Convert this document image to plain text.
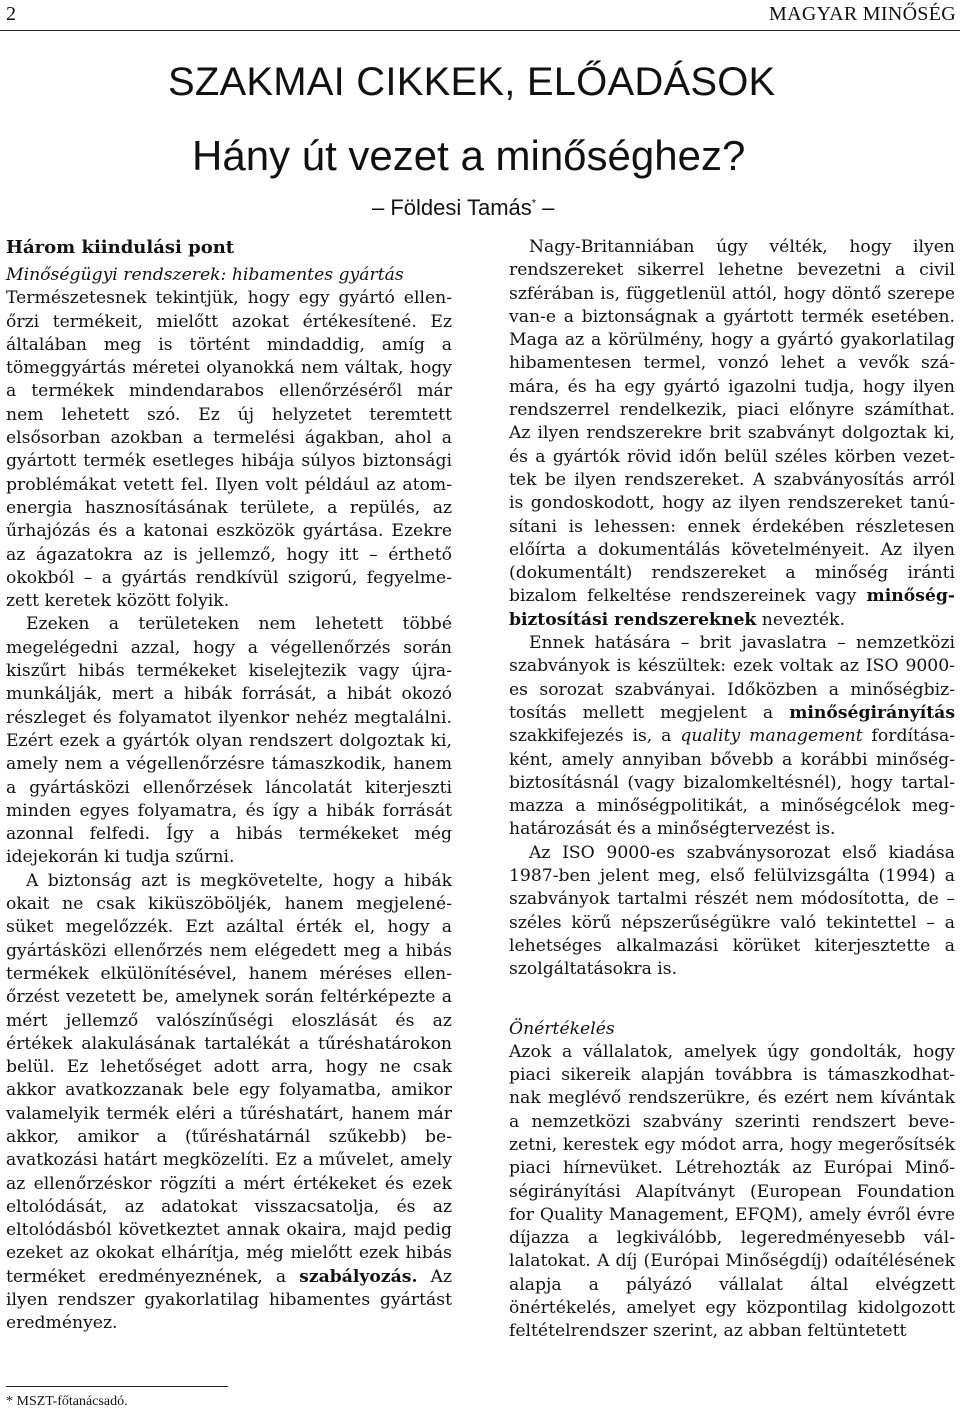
2	MAGYAR MINŐSÉG
SZAKMAI CIKKEK, ELŐADÁSOK
Hány út vezet a minőséghez?
– Földesi Tamás* –
Három kiindulási pont

Minőségügyi rendszerek: hibamentes gyártás

Természetesnek tekintjük, hogy egy gyártó ellenőrzi termékeit, mielőtt azokat értékesítené. Ez általában meg is történt mindaddig, amíg a tömeggyártás méretei olyanokká nem váltak, hogy a termékek mindendarabos ellenőrzéséről már nem lehetett szó. Ez új helyzetet teremtett elsősorban azokban a termelési ágakban, ahol a gyártott termék esetleges hibája súlyos biztonsági problémákat vetett fel. Ilyen volt például az atomenergia hasznosításának területe, a repülés, az űrhajózás és a katonai eszközök gyártása. Ezekre az ágazatokra az is jellemző, hogy itt – érthető okokból – a gyártás rendkívül szigorú, fegyelmezett keretek között folyik.

Ezeken a területeken nem lehetett többé megelégedni azzal, hogy a végellenőrzés során kiszűrt hibás termékeket kiselejtezik vagy újramunkálják, mert a hibák forrását, a hibát okozó részleget és folyamatot ilyenkor nehéz megtalálni. Ezért ezek a gyártók olyan rendszert dolgoztak ki, amely nem a végellenőrzésre támaszkodik, hanem a gyártásközi ellenőrzések láncolatát kiterjeszti minden egyes folyamatra, és így a hibák forrását azonnal felfedi. Így a hibás termékeket még idejekorán ki tudja szűrni.

A biztonság azt is megkövetelte, hogy a hibák okait ne csak kiküszöböljék, hanem megjelenésüket megelőzzék. Ezt azáltal érték el, hogy a gyártásközi ellenőrzés nem elégedett meg a hibás termékek elkülönítésével, hanem méréses ellenőrzést vezetett be, amelynek során feltérképezte a mért jellemző valószínűségi eloszlását és az értékek alakulásának tartalékát a tűréshatárokon belül. Ez lehetőséget adott arra, hogy ne csak akkor avatkozzanak bele egy folyamatba, amikor valamelyik termék eléri a tűréshatárt, hanem már akkor, amikor a (tűréshatárnál szűkebb) beavatkozási határt megközelíti. Ez a művelet, amely az ellenőrzéskor rögzíti a mért értékeket és ezek eltolódását, az adatokat visszacsatolja, és az eltolódásból következtet annak okaira, majd pedig ezeket az okokat elhárítja, még mielőtt ezek hibás terméket eredményeznének, a szabályozás. Az ilyen rendszer gyakorlatilag hibamentes gyártást eredményez.

Nagy-Britanniában úgy vélték, hogy ilyen rendszereket sikerrel lehetne bevezetni a civil szférában is, függetlenül attól, hogy döntő szerepe van-e a biztonságnak a gyártott termék esetében. Maga az a körülmény, hogy a gyártó gyakorlatilag hibamentesen termel, vonzó lehet a vevők számára, és ha egy gyártó igazolni tudja, hogy ilyen rendszerrel rendelkezik, piaci előnyre számíthat. Az ilyen rendszerekre brit szabványt dolgoztak ki, és a gyártók rövid időn belül széles körben vezettek be ilyen rendszereket. A szabványosítás arról is gondoskodott, hogy az ilyen rendszereket tanúsítani is lehessen: ennek érdekében részletesen előírta a dokumentálás követelményeit. Az ilyen (dokumentált) rendszereket a minőség iránti bizalom felkeltése rendszereinek vagy minőségbiztosítási rendszereknek nevezték.

Ennek hatására – brit javaslatra – nemzetközi szabványok is készültek: ezek voltak az ISO 9000-es sorozat szabványai. Időközben a minőségbiztosítás mellett megjelent a minőségirányítás szakkifejezés is, a quality management fordításaként, amely annyiban bővebb a korábbi minőségbiztosításnál (vagy bizalomkeltésnél), hogy tartalmazza a minőségpolitikát, a minőségcélok meghatározását és a minőségtervezést is.

Az ISO 9000-es szabványsorozat első kiadása 1987-ben jelent meg, első felülvizsgálta (1994) a szabványok tartalmi részét nem módosította, de – széles körű népszerűségükre való tekintettel – a lehetséges alkalmazási körüket kiterjesztette a szolgáltatásokra is.

Önértékelés

Azok a vállalatok, amelyek úgy gondolták, hogy piaci sikereik alapján továbbra is támaszkodhatnak meglévő rendszerükre, és ezért nem kívántak a nemzetközi szabvány szerinti rendszert bevezetni, kerestek egy módot arra, hogy megerősítsék piaci hírnevüket. Létrehozták az Európai Minőségirányítási Alapítványt (European Foundation for Quality Management, EFQM), amely évről évre díjazza a legkiválóbb, legeredményesebb vállalatokat. A díj (Európai Minőségdíj) odaítélésének alapja a pályázó vállalat által elvégzett önértékelés, amelyet egy központilag kidolgozott feltételrendszer szerint, az abban feltüntetett

* MSZT-főtanácsadó.
